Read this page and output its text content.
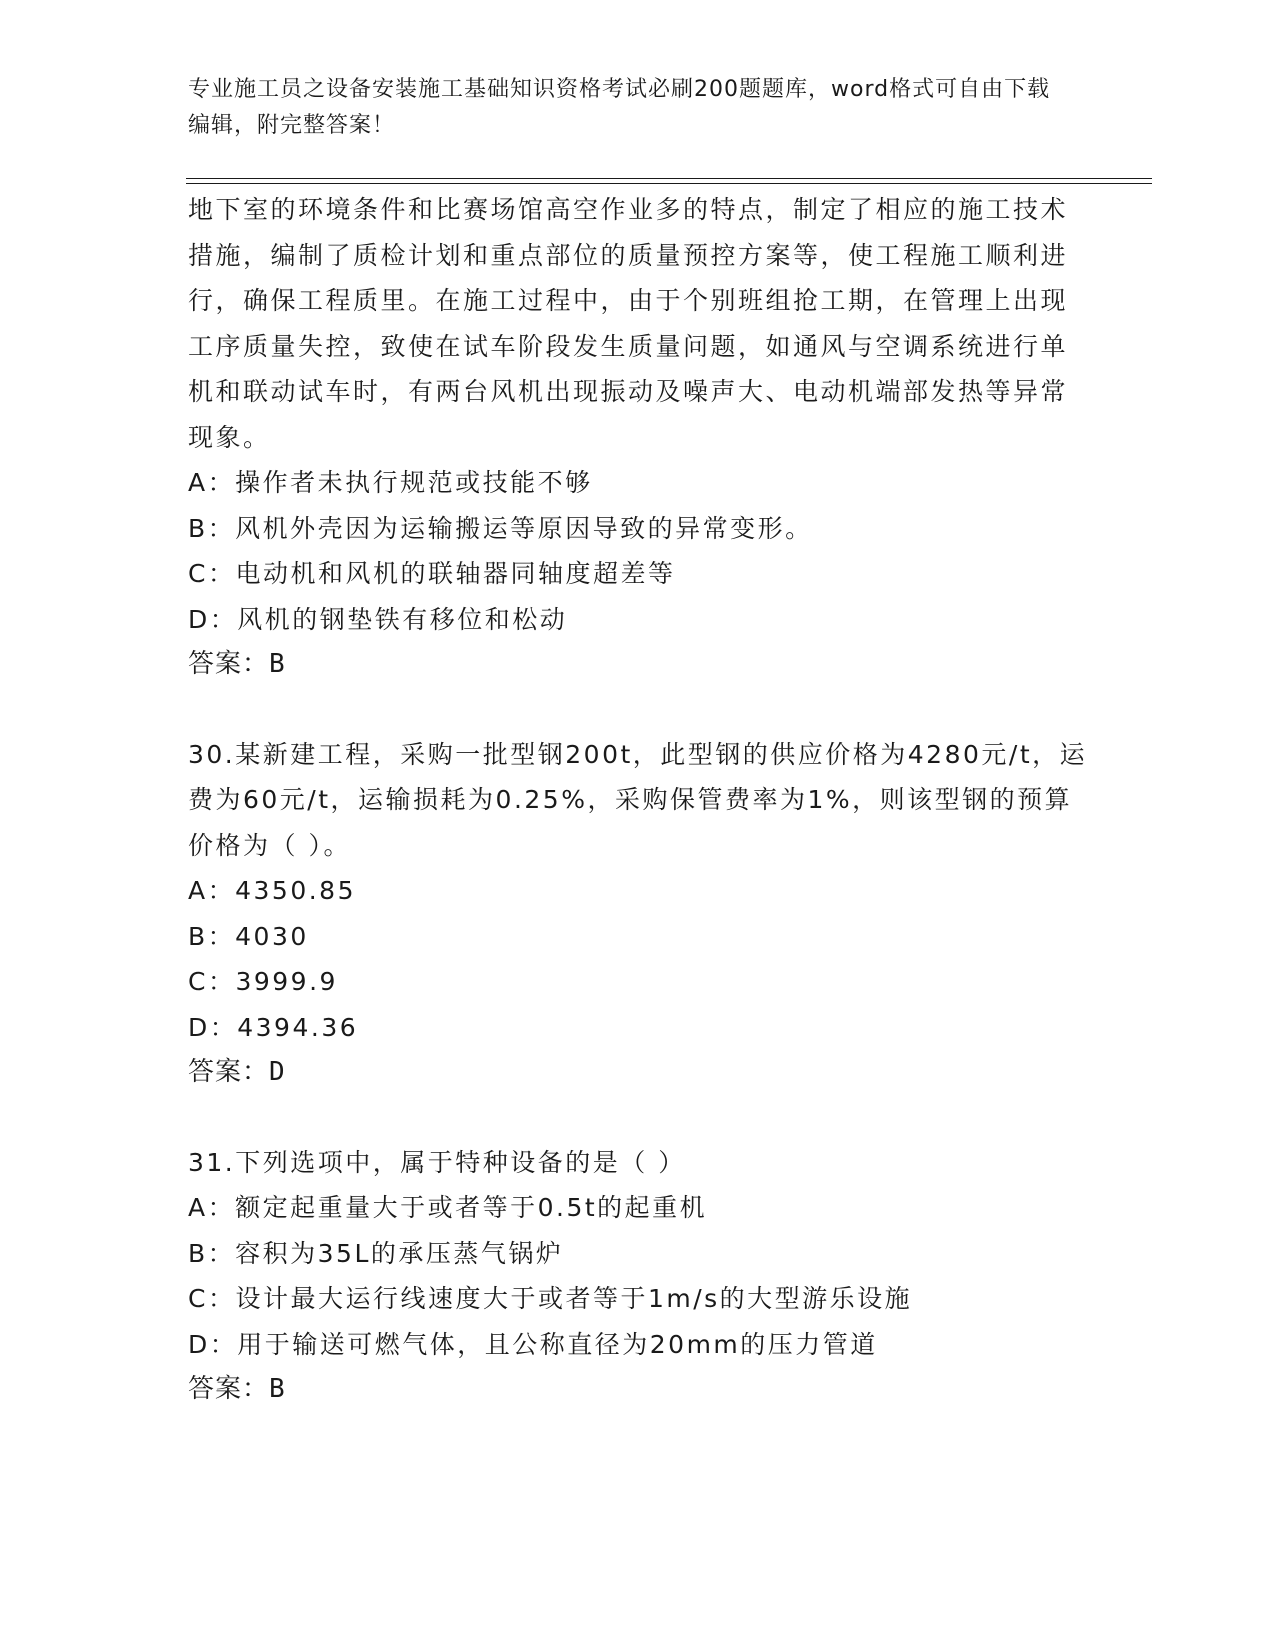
专业施工员之设备安装施工基础知识资格考试必刷200题题库，word格式可自由下载编辑，附完整答案！

地下室的环境条件和比赛场馆高空作业多的特点，制定了相应的施工技术措施，编制了质检计划和重点部位的质量预控方案等，使工程施工顺利进行，确保工程质里。在施工过程中，由于个别班组抢工期，在管理上出现工序质量失控，致使在试车阶段发生质量问题，如通风与空调系统进行单机和联动试车时，有两台风机出现振动及噪声大、电动机端部发热等异常现象。

A：操作者未执行规范或技能不够
B：风机外壳因为运输搬运等原因导致的异常变形。
C：电动机和风机的联轴器同轴度超差等
D：风机的钢垫铁有移位和松动
答案：B

30.某新建工程，采购一批型钢200t，此型钢的供应价格为4280元/t，运费为60元/t，运输损耗为0.25%，采购保管费率为1%，则该型钢的预算价格为（ ）。

A：4350.85
B：4030
C：3999.9
D：4394.36
答案：D

31.下列选项中，属于特种设备的是（ ）

A：额定起重量大于或者等于0.5t的起重机
B：容积为35L的承压蒸气锅炉
C：设计最大运行线速度大于或者等于1m/s的大型游乐设施
D：用于输送可燃气体，且公称直径为20mm的压力管道
答案：B
